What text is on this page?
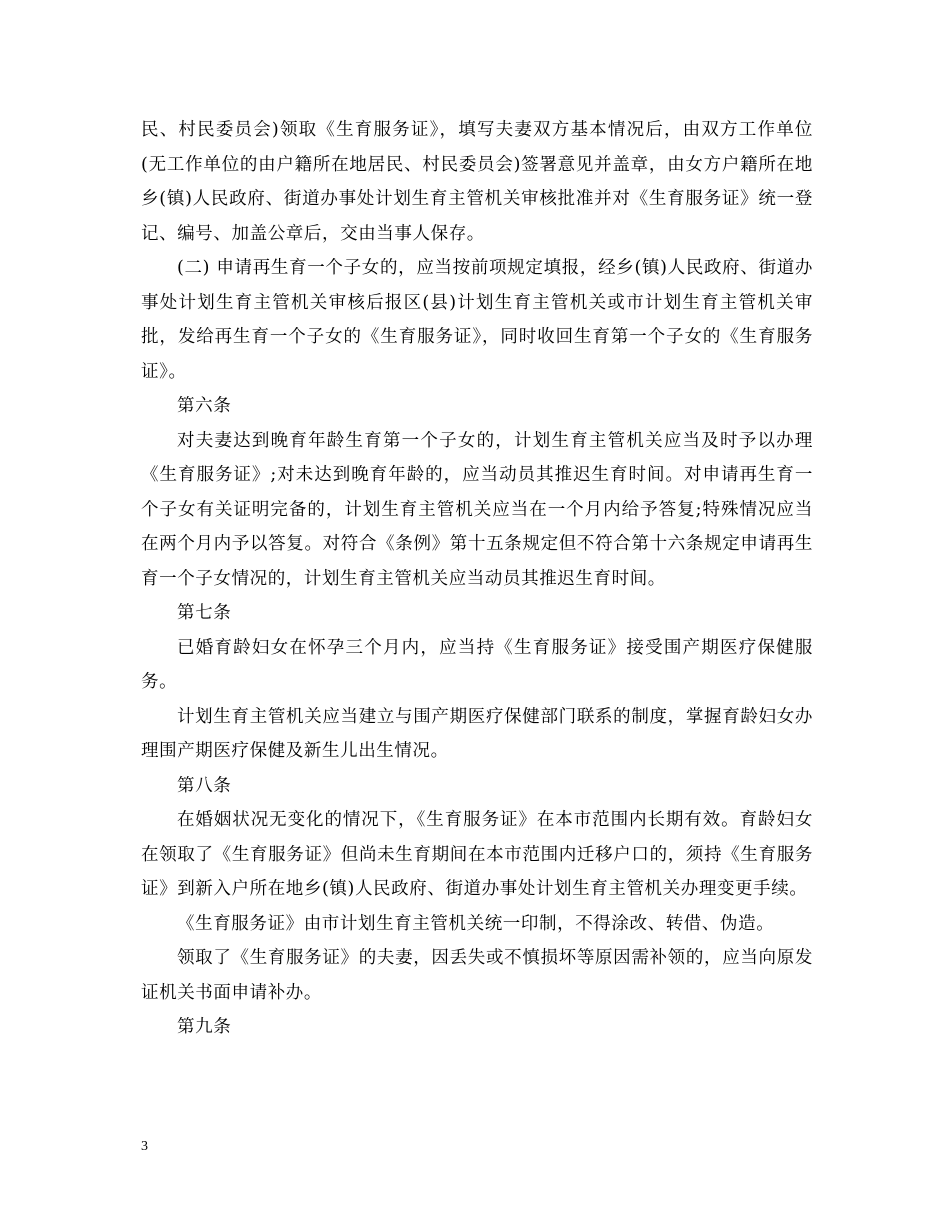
民、村民委员会)领取《生育服务证》，填写夫妻双方基本情况后，由双方工作单位(无工作单位的由户籍所在地居民、村民委员会)签署意见并盖章，由女方户籍所在地乡(镇)人民政府、街道办事处计划生育主管机关审核批准并对《生育服务证》统一登记、编号、加盖公章后，交由当事人保存。

(二) 申请再生育一个子女的，应当按前项规定填报，经乡(镇)人民政府、街道办事处计划生育主管机关审核后报区(县)计划生育主管机关或市计划生育主管机关审批，发给再生育一个子女的《生育服务证》，同时收回生育第一个子女的《生育服务证》。

第六条

对夫妻达到晚育年龄生育第一个子女的，计划生育主管机关应当及时予以办理《生育服务证》;对未达到晚育年龄的，应当动员其推迟生育时间。对申请再生育一个子女有关证明完备的，计划生育主管机关应当在一个月内给予答复;特殊情况应当在两个月内予以答复。对符合《条例》第十五条规定但不符合第十六条规定申请再生育一个子女情况的，计划生育主管机关应当动员其推迟生育时间。

第七条

已婚育龄妇女在怀孕三个月内，应当持《生育服务证》接受围产期医疗保健服务。

计划生育主管机关应当建立与围产期医疗保健部门联系的制度，掌握育龄妇女办理围产期医疗保健及新生儿出生情况。

第八条

在婚姻状况无变化的情况下，《生育服务证》在本市范围内长期有效。育龄妇女在领取了《生育服务证》但尚未生育期间在本市范围内迁移户口的，须持《生育服务证》到新入户所在地乡(镇)人民政府、街道办事处计划生育主管机关办理变更手续。

《生育服务证》由市计划生育主管机关统一印制，不得涂改、转借、伪造。

领取了《生育服务证》的夫妻，因丢失或不慎损坏等原因需补领的，应当向原发证机关书面申请补办。

第九条

3
